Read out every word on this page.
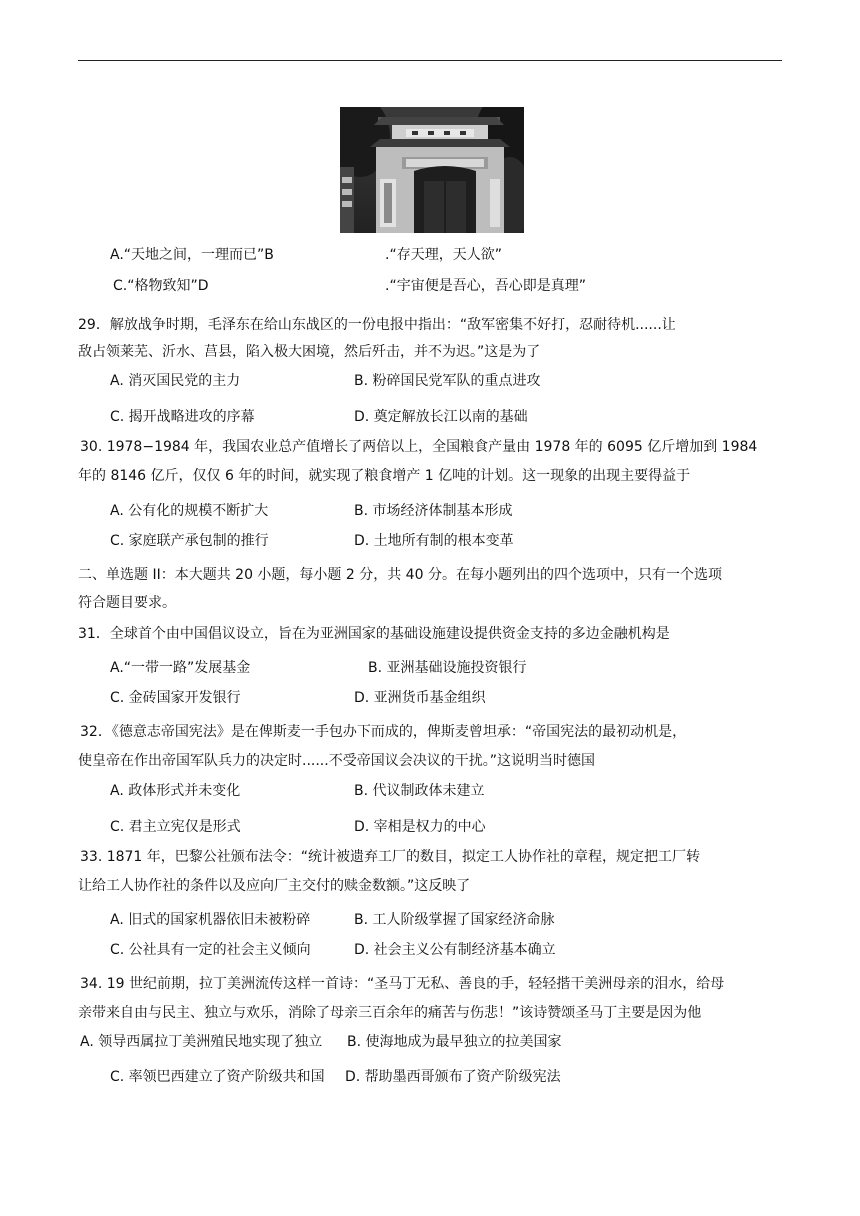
A.“天地之间，一理而已”B	.“存天理，天人欲”
C.“格物致知”D	.“宇宙便是吾心，吾心即是真理”
29．解放战争时期，毛泽东在给山东战区的一份电报中指出：“敌军密集不好打，忍耐待机......让
敌占领莱芜、沂水、莒县，陷入极大困境，然后歼击，并不为迟。”这是为了
A. 消灭国民党的主力	B. 粉碎国民党军队的重点进攻
C. 揭开战略进攻的序幕	D. 奠定解放长江以南的基础
30. 1978−1984 年，我国农业总产值增长了两倍以上，全国粮食产量由 1978 年的 6095 亿斤增加到 1984
年的 8146 亿斤，仅仅 6 年的时间，就实现了粮食增产 1 亿吨的计划。这一现象的出现主要得益于
A. 公有化的规模不断扩大	B. 市场经济体制基本形成
C. 家庭联产承包制的推行	D. 土地所有制的根本变革
二、单选题 II：本大题共 20 小题，每小题 2 分，共 40 分。在每小题列出的四个选项中，只有一个选项
符合题目要求。
31．全球首个由中国倡议设立，旨在为亚洲国家的基础设施建设提供资金支持的多边金融机构是
A.“一带一路”发展基金	B. 亚洲基础设施投资银行
C. 金砖国家开发银行	D. 亚洲货币基金组织
32．《德意志帝国宪法》是在俾斯麦一手包办下而成的，俾斯麦曾坦承：“帝国宪法的最初动机是，
使皇帝在作出帝国军队兵力的决定时......不受帝国议会决议的干扰。”这说明当时德国
A. 政体形式并未变化	B. 代议制政体未建立
C. 君主立宪仅是形式	D. 宰相是权力的中心
33. 1871 年，巴黎公社颁布法令：“统计被遗弃工厂的数目，拟定工人协作社的章程，规定把工厂转
让给工人协作社的条件以及应向厂主交付的赎金数额。”这反映了
A. 旧式的国家机器依旧未被粉碎	B. 工人阶级掌握了国家经济命脉
C. 公社具有一定的社会主义倾向	D. 社会主义公有制经济基本确立
34. 19 世纪前期，拉丁美洲流传这样一首诗：“圣马丁无私、善良的手，轻轻揩干美洲母亲的泪水，给母
亲带来自由与民主、独立与欢乐，消除了母亲三百余年的痛苦与伤悲！”该诗赞颂圣马丁主要是因为他
A. 领导西属拉丁美洲殖民地实现了独立 B. 使海地成为最早独立的拉美国家
C. 率领巴西建立了资产阶级共和国 D. 帮助墨西哥颁布了资产阶级宪法
